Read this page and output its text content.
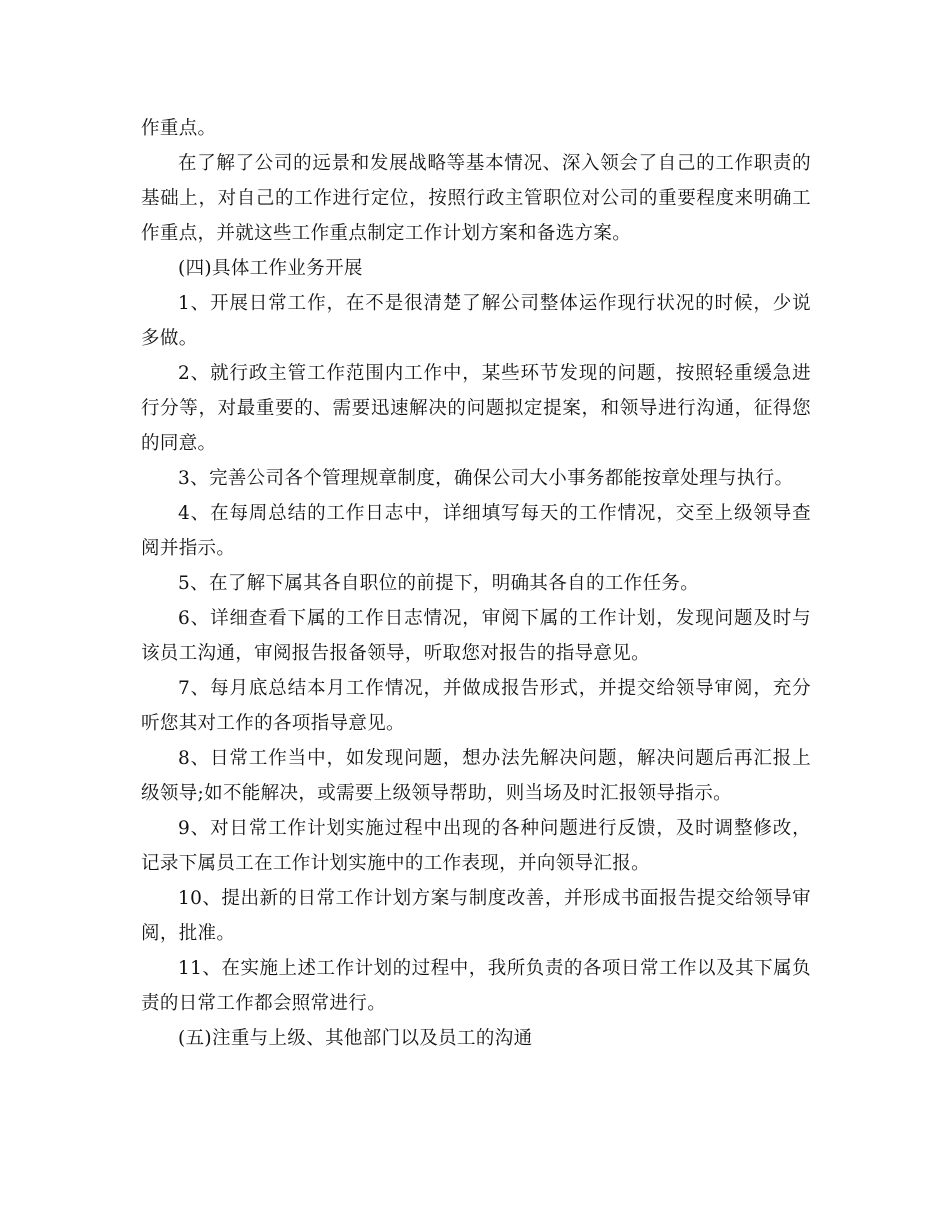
作重点。

在了解了公司的远景和发展战略等基本情况、深入领会了自己的工作职责的基础上，对自己的工作进行定位，按照行政主管职位对公司的重要程度来明确工作重点，并就这些工作重点制定工作计划方案和备选方案。

(四)具体工作业务开展

1、开展日常工作，在不是很清楚了解公司整体运作现行状况的时候，少说多做。

2、就行政主管工作范围内工作中，某些环节发现的问题，按照轻重缓急进行分等，对最重要的、需要迅速解决的问题拟定提案，和领导进行沟通，征得您的同意。

3、完善公司各个管理规章制度，确保公司大小事务都能按章处理与执行。

4、在每周总结的工作日志中，详细填写每天的工作情况，交至上级领导查阅并指示。

5、在了解下属其各自职位的前提下，明确其各自的工作任务。

6、详细查看下属的工作日志情况，审阅下属的工作计划，发现问题及时与该员工沟通，审阅报告报备领导，听取您对报告的指导意见。

7、每月底总结本月工作情况，并做成报告形式，并提交给领导审阅，充分听您其对工作的各项指导意见。

8、日常工作当中，如发现问题，想办法先解决问题，解决问题后再汇报上级领导;如不能解决，或需要上级领导帮助，则当场及时汇报领导指示。

9、对日常工作计划实施过程中出现的各种问题进行反馈，及时调整修改，记录下属员工在工作计划实施中的工作表现，并向领导汇报。

10、提出新的日常工作计划方案与制度改善，并形成书面报告提交给领导审阅，批准。

11、在实施上述工作计划的过程中，我所负责的各项日常工作以及其下属负责的日常工作都会照常进行。

(五)注重与上级、其他部门以及员工的沟通
